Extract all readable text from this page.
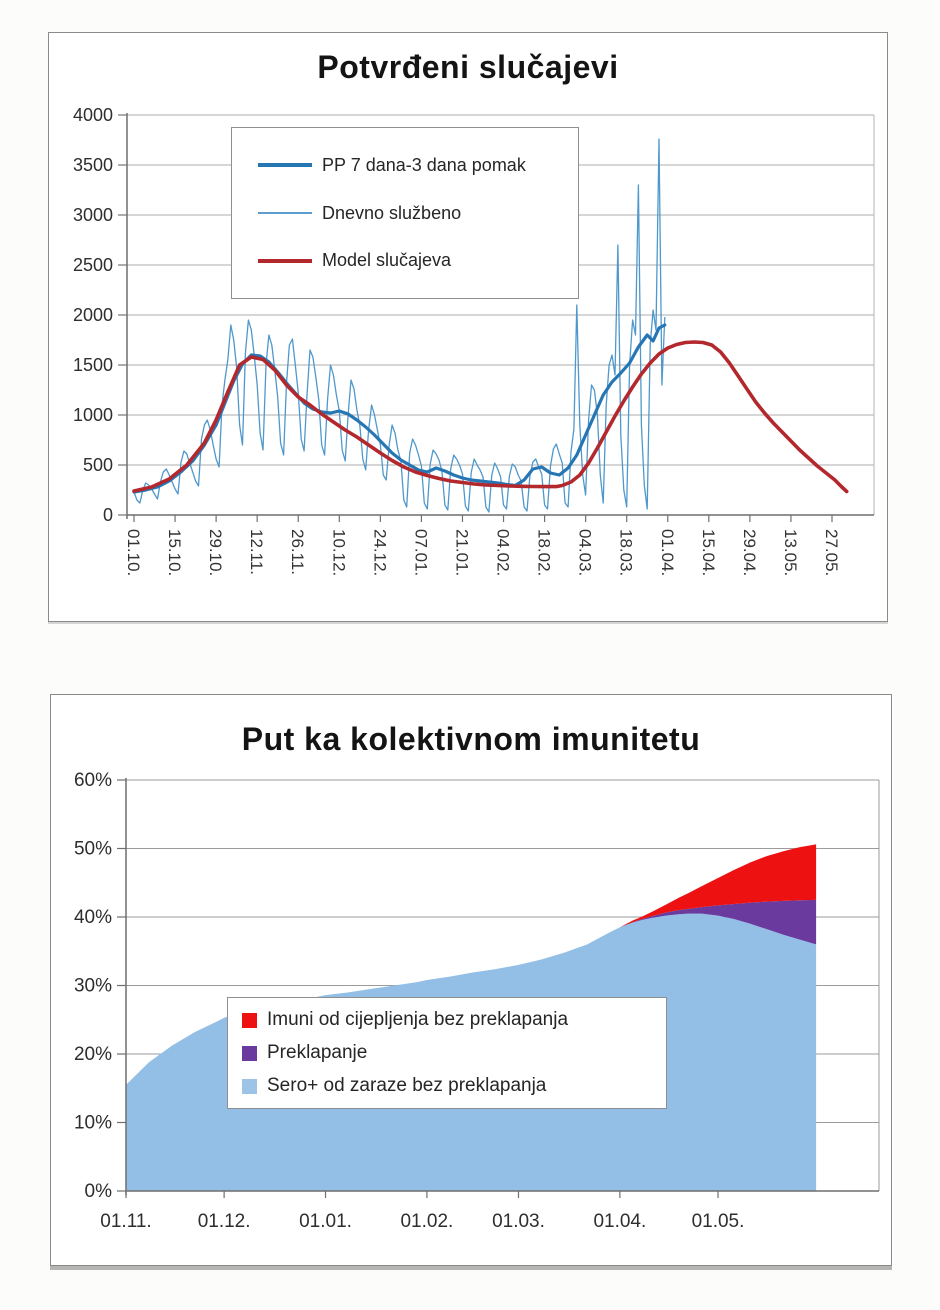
0
500
1000
1500
2000
2500
3000
3500
4000
01.10. 15.10. 29.10. 12.11. 26.11. 10.12. 24.12. 07.01. 21.01. 04.02. 18.02. 04.03. 18.03. 01.04. 15.04. 29.04. 13.05. 27.05.
Potvrđeni slučajevi
PP 7 dana-3 dana pomak
Dnevno službeno
Model slučajeva
0%
10%
20%
30%
40%
50%
60%
01.11. 01.12.	01.01.	01.02. 01.03.	01.04. 01.05.
Put ka kolektivnom imunitetu
Imuni od cijepljenja bez preklapanja
Preklapanje
Sero+ od zaraze bez preklapanja
